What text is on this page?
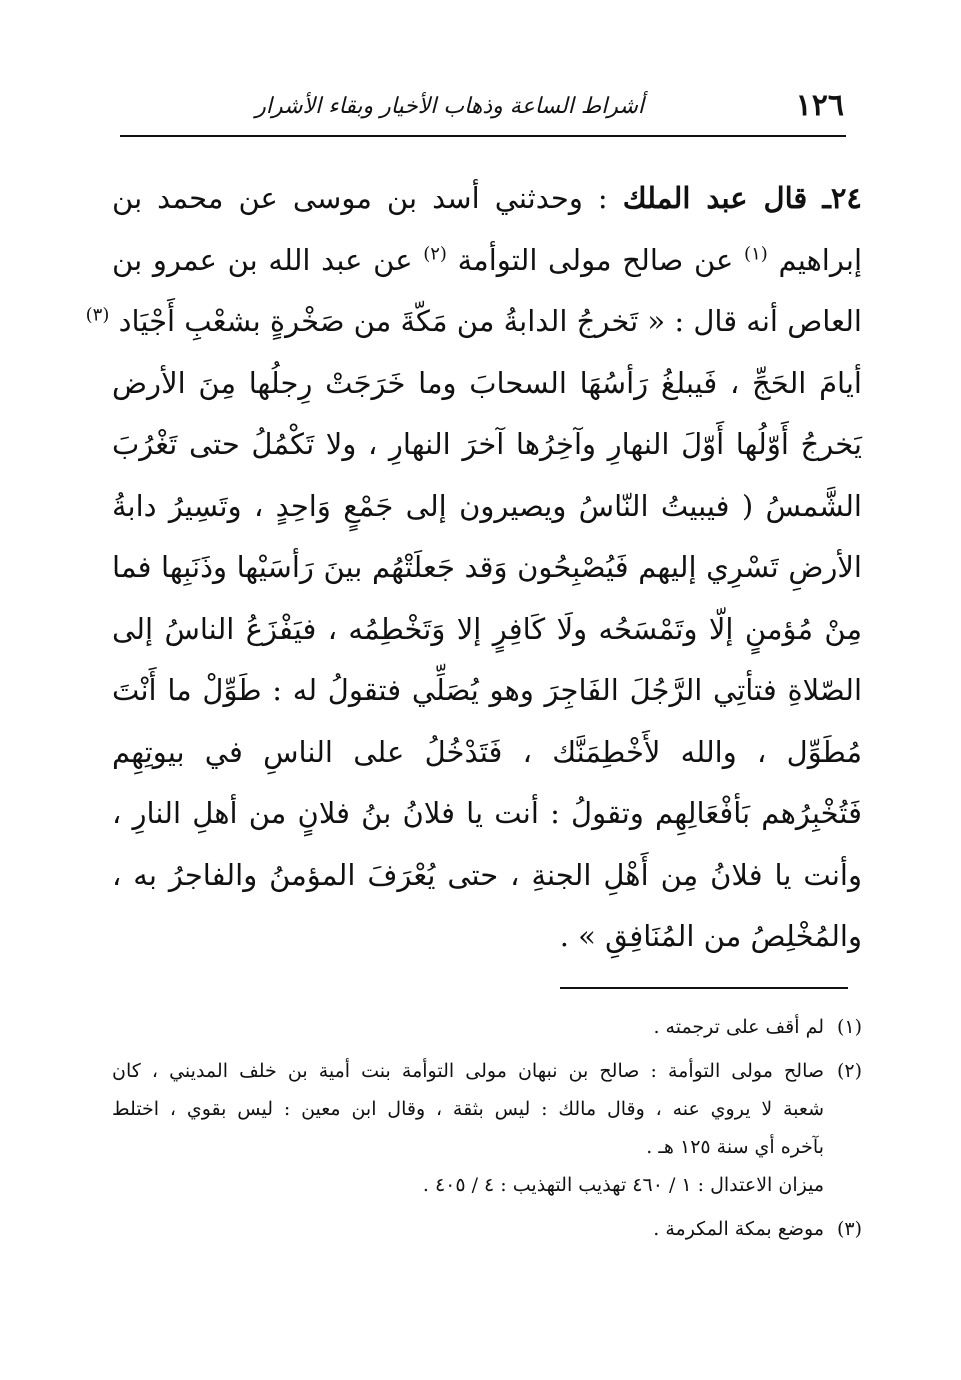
١٢٦
أشراط الساعة وذهاب الأخيار وبقاء الأشرار
٢٤ـ قال عبد الملك : وحدثني أسد بن موسى عن محمد بن
إبراهيم $^{(١)}$ عن صالح مولى التوأمة $^{(٢)}$ عن عبد الله بن عمرو بن
العاص أنه قال : « تَخرجُ الدابةُ من مَكّةَ من صَخْرةٍ بشعْبِ أَجْيَاد $^{(٣)}$
أيامَ الحَجِّ ، فَيبلغُ رَأسُهَا السحابَ وما خَرَجَتْ رِجلُها مِنَ الأرض
يَخرجُ أَوّلُها أَوّلَ النهارِ وآخِرُها آخرَ النهارِ ، ولا تَكْمُلُ حتى تَغْرُبَ
الشَّمسُ ( فيبيتُ النّاسُ ويصيرون إلى جَمْعٍ وَاحِدٍ ، وتَسِيرُ دابةُ
الأرضِ تَسْرِي إليهم فَيُصْبِحُون وَقد جَعلَتْهُم بينَ رَأسَيْها وذَنَبِها فما
مِنْ مُؤمنٍ إلّا وتَمْسَحُه ولَا كَافِرٍ إلا وَتَخْطِمُه ، فيَفْزَعُ الناسُ إلى
الصّلاةِ فتأتِي الرَّجُلَ الفَاجِرَ وهو يُصَلِّي فتقولُ له : طَوِّلْ ما أَنْتَ
مُطَوِّل ، والله لأَخْطِمَنَّك ، فَتَدْخُلُ على الناسِ في بيوتِهِم
فَتُخْبِرُهم بَأفْعَالِهِم وتقولُ : أنت يا فلانُ بنُ فلانٍ من أهلِ النارِ ،
وأنت يا فلانُ مِن أَهْلِ الجنةِ ، حتى يُعْرَفَ المؤمنُ والفاجرُ به ،
والمُخْلِصُ من المُنَافِقِ » .
(١)لم أقف على ترجمته .
(٢)صالح مولى التوأمة : صالح بن نبهان مولى التوأمة بنت أمية بن خلف المديني ، كان
شعبة لا يروي عنه ، وقال مالك : ليس بثقة ، وقال ابن معين : ليس بقوي ، اختلط
بآخره أي سنة ١٢٥ هـ .
ميزان الاعتدال : ١ / ٤٦٠ تهذيب التهذيب : ٤ / ٤٠٥ .
(٣)موضع بمكة المكرمة .
